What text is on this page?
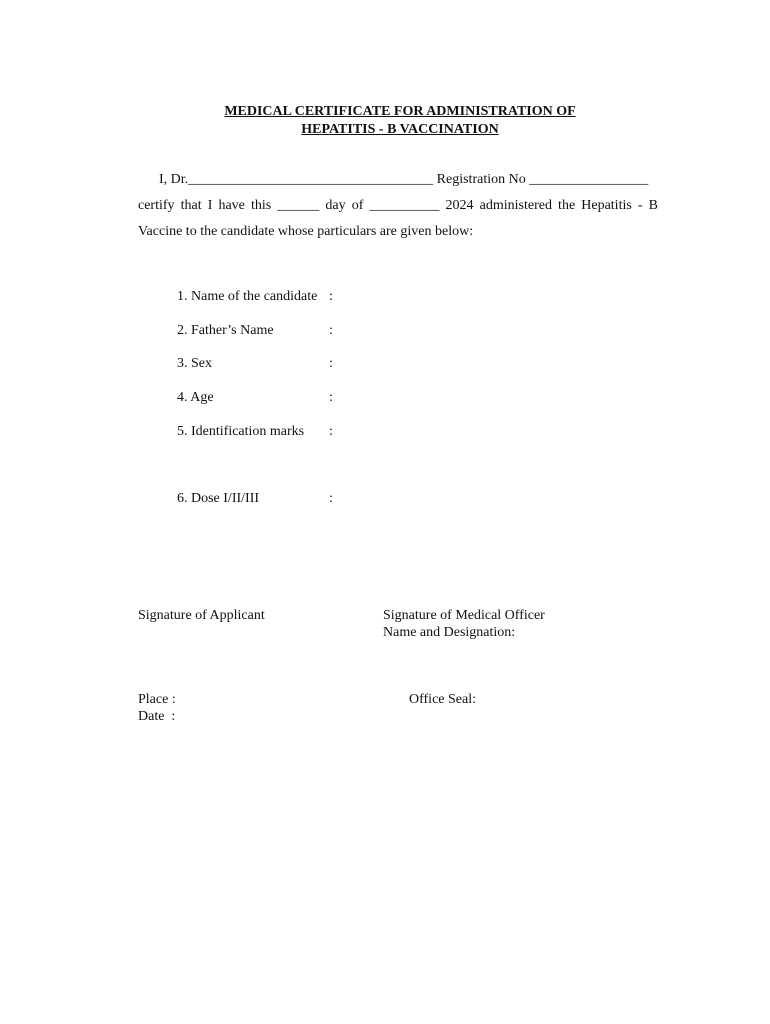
MEDICAL CERTIFICATE FOR ADMINISTRATION OF
HEPATITIS - B VACCINATION
I, Dr.___________________________________ Registration No _________________
certify that I have this ______ day of __________ 2024 administered the Hepatitis - B
Vaccine to the candidate whose particulars are given below:
1. Name of the candidate :
2. Father’s Name	:
3. Sex	:
4. Age	:
5. Identification marks :
6. Dose I/II/III	:
Signature of Applicant	Signature of Medical Officer
Name and Designation:
Place :
Date  :
Office Seal:
